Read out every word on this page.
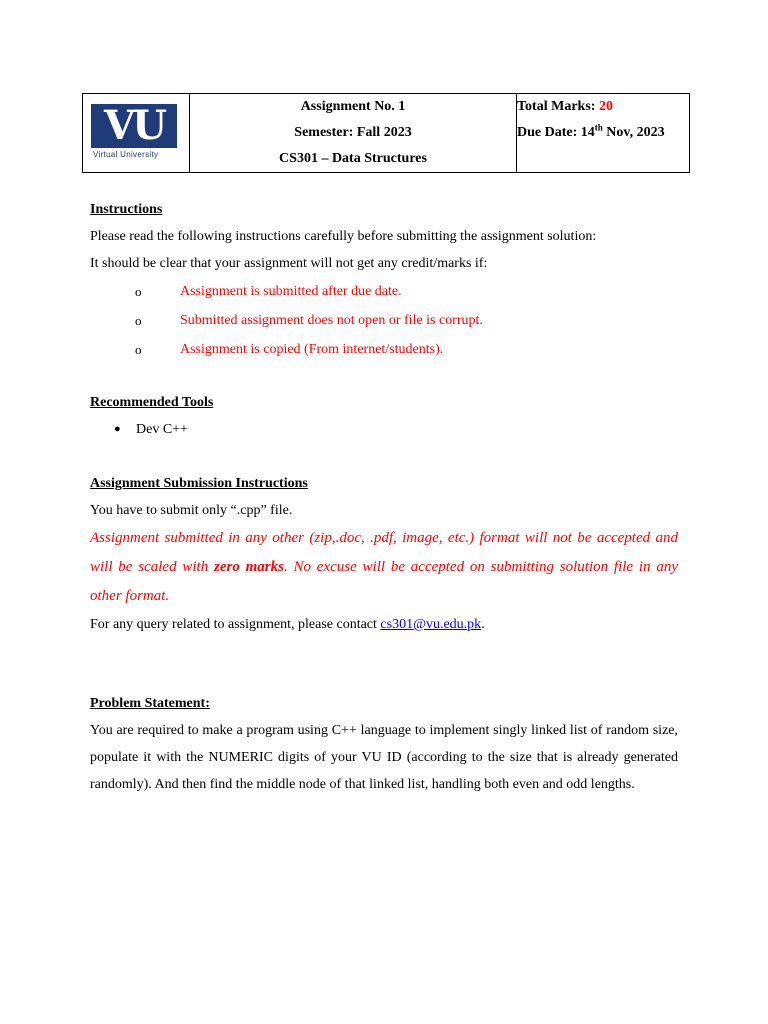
VU
Virtual University

Assignment No. 1
Semester: Fall 2023
CS301 – Data Structures

Total Marks: 20
Due Date: 14th Nov, 2023
Instructions
Please read the following instructions carefully before submitting the assignment solution:
It should be clear that your assignment will not get any credit/marks if:
o	Assignment is submitted after due date.
o	Submitted assignment does not open or file is corrupt.
o	Assignment is copied (From internet/students).
Recommended Tools
● Dev C++
Assignment Submission Instructions
You have to submit only “.cpp” file.
Assignment submitted in any other (zip,.doc, .pdf, image, etc.) format will not be accepted and will be scaled with zero marks. No excuse will be accepted on submitting solution file in any other format.
For any query related to assignment, please contact cs301@vu.edu.pk.
Problem Statement:
You are required to make a program using C++ language to implement singly linked list of random size, populate it with the NUMERIC digits of your VU ID (according to the size that is already generated randomly). And then find the middle node of that linked list, handling both even and odd lengths.
